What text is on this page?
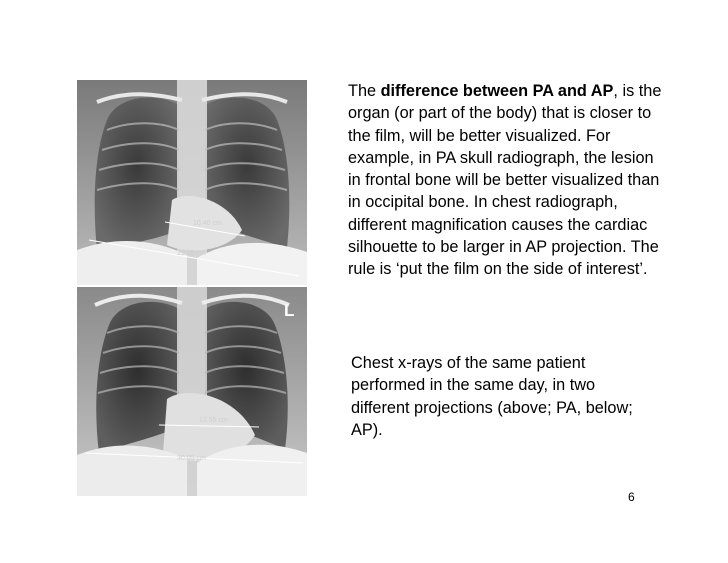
10.40 cm
29.85 cm
12.55 cm
30.05 cm
L
The difference between PA and AP, is the organ (or part of the body) that is closer to the film, will be better visualized. For example, in PA skull radiograph, the lesion in frontal bone will be better visualized than in occipital bone. In chest radiograph, different magnification causes the cardiac silhouette to be larger in AP projection. The rule is ‘put the film on the side of interest’.
Chest x-rays of the same patient performed in the same day, in two different projections (above; PA, below; AP).
6
